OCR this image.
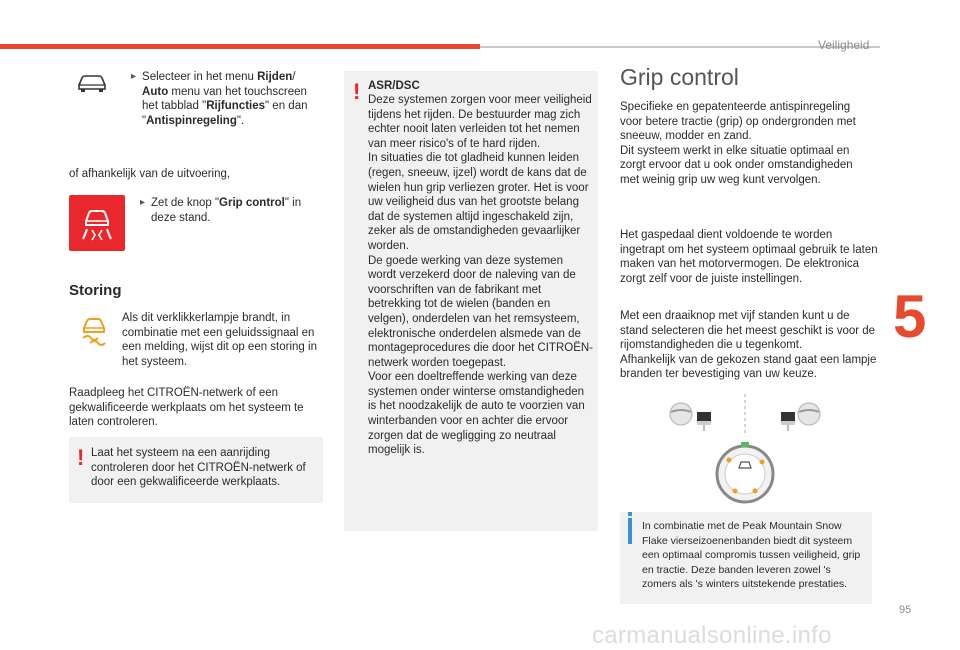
Veiligheid
5
95
carmanualsonline.info
▸ Selecteer in het menu Rijden/ Auto menu van het touchscreen het tabblad "Rijfuncties" en dan "Antispinregeling".
of afhankelijk van de uitvoering,
▸ Zet de knop "Grip control" in deze stand.
Storing
Als dit verklikkerlampje brandt, in combinatie met een geluidssignaal en een melding, wijst dit op een storing in het systeem.
Raadpleeg het CITROËN-netwerk of een gekwalificeerde werkplaats om het systeem te laten controleren.
! Laat het systeem na een aanrijding controleren door het CITROËN-netwerk of door een gekwalificeerde werkplaats.
! ASR/DSC
Deze systemen zorgen voor meer veiligheid tijdens het rijden. De bestuurder mag zich echter nooit laten verleiden tot het nemen van meer risico's of te hard rijden.
In situaties die tot gladheid kunnen leiden (regen, sneeuw, ijzel) wordt de kans dat de wielen hun grip verliezen groter. Het is voor uw veiligheid dus van het grootste belang dat de systemen altijd ingeschakeld zijn, zeker als de omstandigheden gevaarlijker worden.
De goede werking van deze systemen wordt verzekerd door de naleving van de voorschriften van de fabrikant met betrekking tot de wielen (banden en velgen), onderdelen van het remsysteem, elektronische onderdelen alsmede van de montageprocedures die door het CITROËN-netwerk worden toegepast.
Voor een doeltreffende werking van deze systemen onder winterse omstandigheden is het noodzakelijk de auto te voorzien van winterbanden voor en achter die ervoor zorgen dat de wegligging zo neutraal mogelijk is.
Grip control
Specifieke en gepatenteerde antispinregeling voor betere tractie (grip) op ondergronden met sneeuw, modder en zand.
Dit systeem werkt in elke situatie optimaal en zorgt ervoor dat u ook onder omstandigheden met weinig grip uw weg kunt vervolgen.
Het gaspedaal dient voldoende te worden ingetrapt om het systeem optimaal gebruik te laten maken van het motorvermogen. De elektronica zorgt zelf voor de juiste instellingen.
Met een draaiknop met vijf standen kunt u de stand selecteren die het meest geschikt is voor de rijomstandigheden die u tegenkomt.
Afhankelijk van de gekozen stand gaat een lampje branden ter bevestiging van uw keuze.
In combinatie met de Peak Mountain Snow Flake vierseizoenenbanden biedt dit systeem een optimaal compromis tussen veiligheid, grip en tractie. Deze banden leveren zowel 's zomers als 's winters uitstekende prestaties.
